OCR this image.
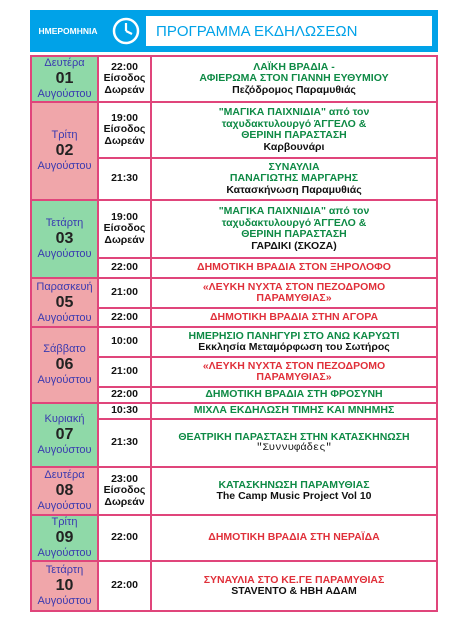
ΗΜΕΡΟΜΗΝΙΑ	ΠΡΟΓΡΑΜΜΑ ΕΚΔΗΛΩΣΕΩΝ
Δευτέρα
01
Αυγούστου	22:00
Είσοδος
Δωρεάν	ΛΑΪΚΗ ΒΡΑΔΙΑ -
ΑΦΙΕΡΩΜΑ ΣΤΟΝ ΓΙΑΝΝΗ ΕΥΘΥΜΙΟΥ
Πεζόδρομος Παραμυθιάς

Τρίτη
02
Αυγούστου	19:00
Είσοδος
Δωρεάν	"ΜΑΓΙΚΑ ΠΑΙΧΝΙΔΙΑ" από τον
ταχυδακτυλουργό ΆΓΓΕΛΟ &
ΘΕΡΙΝΗ ΠΑΡΑΣΤΑΣΗ
Καρβουνάρι

	21:30	ΣΥΝΑΥΛΙΑ
ΠΑΝΑΓΙΩΤΗΣ ΜΑΡΓΑΡΗΣ
Κατασκήνωση Παραμυθιάς

Τετάρτη
03
Αυγούστου	19:00
Είσοδος
Δωρεάν	"ΜΑΓΙΚΑ ΠΑΙΧΝΙΔΙΑ" από τον
ταχυδακτυλουργό ΆΓΓΕΛΟ &
ΘΕΡΙΝΗ ΠΑΡΑΣΤΑΣΗ
ΓΑΡΔΙΚΙ (ΣΚΟΖΑ)

	22:00	ΔΗΜΟΤΙΚΗ ΒΡΑΔΙΑ ΣΤΟΝ ΞΗΡΟΛΟΦΟ

Παρασκευή
05
Αυγούστου	21:00	«ΛΕΥΚΗ ΝΥΧΤΑ ΣΤΟΝ ΠΕΖΟΔΡΟΜΟ
ΠΑΡΑΜΥΘΙΑΣ»

	22:00	ΔΗΜΟΤΙΚΗ ΒΡΑΔΙΑ ΣΤΗΝ ΑΓΟΡΑ

Σάββατο
06
Αυγούστου	10:00	ΗΜΕΡΗΣΙΟ ΠΑΝΗΓΥΡΙ ΣΤΟ ΑΝΩ ΚΑΡΥΩΤΙ
Εκκλησία Μεταμόρφωση του Σωτήρος

	21:00	«ΛΕΥΚΗ ΝΥΧΤΑ ΣΤΟΝ ΠΕΖΟΔΡΟΜΟ
ΠΑΡΑΜΥΘΙΑΣ»

	22:00	ΔΗΜΟΤΙΚΗ ΒΡΑΔΙΑ ΣΤΗ ΦΡΟΣΥΝΗ

Κυριακή
07
Αυγούστου	10:30	ΜΙΧΛΑ ΕΚΔΗΛΩΣΗ ΤΙΜΗΣ ΚΑΙ ΜΝΗΜΗΣ

	21:30	ΘΕΑΤΡΙΚΗ ΠΑΡΑΣΤΑΣΗ ΣΤΗΝ ΚΑΤΑΣΚΗΝΩΣΗ
"Συννυφάδες"

Δευτέρα
08
Αυγούστου	23:00
Είσοδος
Δωρεάν	ΚΑΤΑΣΚΗΝΩΣΗ ΠΑΡΑΜΥΘΙΑΣ
The Camp Music Project Vol 10

Τρίτη
09
Αυγούστου	22:00	ΔΗΜΟΤΙΚΗ ΒΡΑΔΙΑ ΣΤΗ ΝΕΡΑΪΔΑ

Τετάρτη
10
Αυγούστου	22:00	ΣΥΝΑΥΛΙΑ ΣΤΟ ΚΕ.ΓΕ ΠΑΡΑΜΥΘΙΑΣ
STAVENTO & ΗΒΗ ΑΔΑΜ
